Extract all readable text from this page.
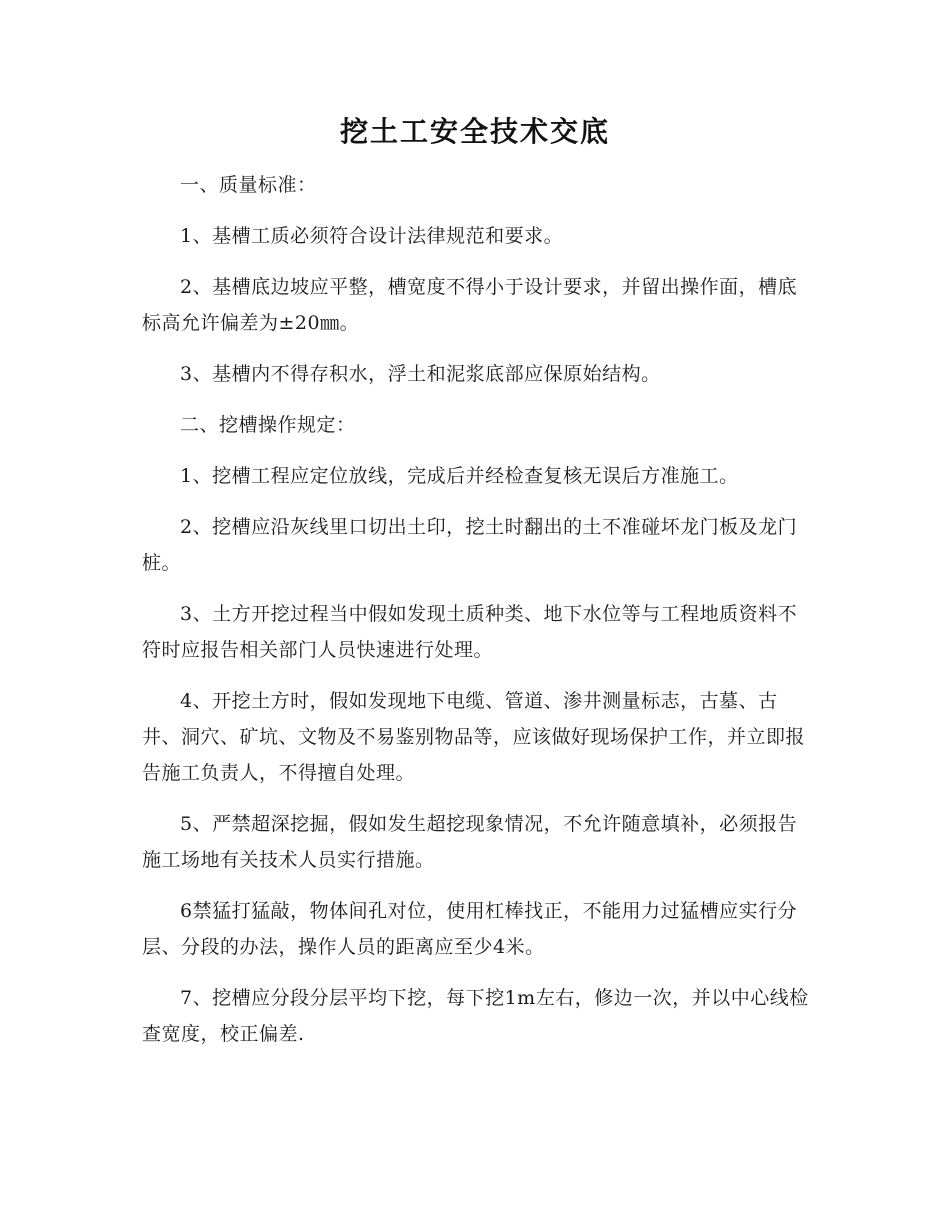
挖土工安全技术交底

一、质量标准：

1、基槽工质必须符合设计法律规范和要求。

2、基槽底边坡应平整，槽宽度不得小于设计要求，并留出操作面，槽底标高允许偏差为±20㎜。

3、基槽内不得存积水，浮土和泥浆底部应保原始结构。

二、挖槽操作规定：

1、挖槽工程应定位放线，完成后并经检查复核无误后方准施工。

2、挖槽应沿灰线里口切出土印，挖土时翻出的土不准碰坏龙门板及龙门桩。

3、土方开挖过程当中假如发现土质种类、地下水位等与工程地质资料不符时应报告相关部门人员快速进行处理。

4、开挖土方时，假如发现地下电缆、管道、渗井测量标志，古墓、古井、洞穴、矿坑、文物及不易鉴别物品等，应该做好现场保护工作，并立即报告施工负责人，不得擅自处理。

5、严禁超深挖掘，假如发生超挖现象情况，不允许随意填补，必须报告施工场地有关技术人员实行措施。

6禁猛打猛敲，物体间孔对位，使用杠棒找正，不能用力过猛槽应实行分层、分段的办法，操作人员的距离应至少4米。

7、挖槽应分段分层平均下挖，每下挖1m左右，修边一次，并以中心线检查宽度，校正偏差.
